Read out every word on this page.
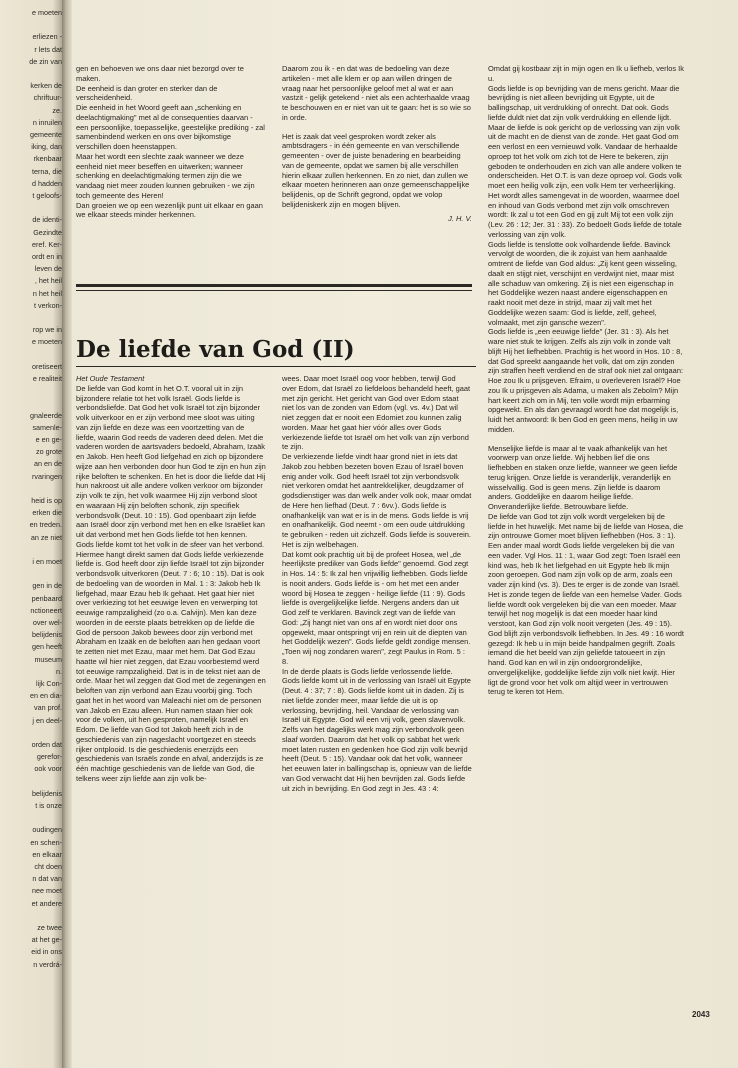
e moeten
erliezen -
r lets dat
de zin van
kerken de
chriftuur-
ze.
n inruilen
gemeente
iking, dan
rkenbaar
terna, die
d hadden
t geloofs-
de identi-
Gezindte
eref. Ker-
ordt en in
leven de
, het heil
n het heil
t verkon-
rop we in
e moeten
oretiseert
e realiteit
gnaleerde
samenle-
e en ge-
zo grote
an en de
rvaringen
heid is op
erken die
en treden.
an ze niet
i en moet
gen in de
penbaard
nctioneert
over wel-
belijdenis
gen heeft
museum
n.
lijk Con-
en en dia-
van prof.
j en deel-
orden dat
gerefor-
ook voor
belijdenis
t is onze
oudingen
en schen-
en elkaar
cht doen
n dat van
nee moet
et andere
ze twee
at het ge-
eid in ons
n verdrá-

gen en behoeven we ons daar niet bezorgd over te maken.

De eenheid is dan groter en sterker dan de verscheidenheid.

Die eenheid in het Woord geeft aan „schenking en deelachtigmaking" met al de consequenties daarvan - een persoonlijke, toepasselijke, geestelijke prediking - zal samenbindend werken en ons over bijkomstige verschillen doen heenstappen.

Maar het wordt een slechte zaak wanneer we deze eenheid niet meer beseffen en uitwerken; wanneer schenking en deelachtigmaking termen zijn die we vandaag niet meer zouden kunnen gebruiken - we zijn toch gemeente des Heren!

Dan groeien we op een wezenlijk punt uit elkaar en gaan we elkaar steeds minder herkennen.

Daarom zou ik - en dat was de bedoeling van deze artikelen - met alle klem er op aan willen dringen de vraag naar het persoonlijke geloof met al wat er aan vastzit - gelijk getekend - niet als een achterhaalde vraag te beschouwen en er niet van uit te gaan: het is so wie so in orde.

Het is zaak dat veel gesproken wordt zeker als ambtsdragers - in één gemeente en van verschillende gemeenten - over de juiste benadering en bearbeiding van de gemeente, opdat we samen bij alle verschillen hierin elkaar zullen herkennen. En zo niet, dan zullen we elkaar moeten herinneren aan onze gemeenschappelijke belijdenis, op de Schrift gegrond, opdat we volop belijdeniskerk zijn en mogen blijven.

J. H. V.

De liefde van God (II)

Het Oude Testament

De liefde van God komt in het O.T. vooral uit in zijn bijzondere relatie tot het volk Israël. Gods liefde is verbondsliefde. Dat God het volk Israël tot zijn bijzonder volk uitverkoor en er zijn verbond mee sloot was uiting van zijn liefde en deze was een voortzetting van de liefde, waarin God reeds de vaderen deed delen. Met die vaderen worden de aartsvaders bedoeld, Abraham, Izaäk en Jakob. Hen heeft God liefgehad en zich op bijzondere wijze aan hen verbonden door hun God te zijn en hun zijn rijke beloften te schenken. En het is door die liefde dat Hij hun nakroost uit alle andere volken verkoor om bijzonder zijn volk te zijn, het volk waarmee Hij zijn verbond sloot en waaraan Hij zijn beloften schonk, zijn specifiek verbondsvolk (Deut. 10 : 15). God openbaart zijn liefde aan Israël door zijn verbond met hen en elke Israëliet kan uit dat verbond met hen Gods liefde tot hen kennen. Gods liefde komt tot het volk in de sfeer van het verbond.

Hiermee hangt direkt samen dat Gods liefde verkiezende liefde is. God heeft door zijn liefde Israël tot zijn bijzonder verbondsvolk uitverkoren (Deut. 7 : 6; 10 : 15). Dat is ook de bedoeling van de woorden in Mal. 1 : 3: Jakob heb Ik liefgehad, maar Ezau heb Ik gehaat. Het gaat hier niet over verkiezing tot het eeuwige leven en verwerping tot eeuwige rampzaligheid (zo o.a. Calvijn). Men kan deze woorden in de eerste plaats betrekken op de liefde die God de persoon Jakob bewees door zijn verbond met Abraham en Izaäk en de beloften aan hen gedaan voort te zetten niet met Ezau, maar met hem. Dat God Ezau haatte wil hier niet zeggen, dat Ezau voorbestemd werd tot eeuwige rampzaligheid. Dat is in de tekst niet aan de orde. Maar het wil zeggen dat God met de zegeningen en beloften van zijn verbond aan Ezau voorbij ging. Toch gaat het in het woord van Maleachi niet om de personen van Jakob en Ezau alleen. Hun namen staan hier ook voor de volken, uit hen gesproten, namelijk Israël en Edom. De liefde van God tot Jakob heeft zich in de geschiedenis van zijn nageslacht voortgezet en steeds rijker ontplooid. Is die geschiedenis enerzijds een geschiedenis van Israëls zonde en afval, anderzijds is ze één machtige geschiedenis van de liefde van God, die telkens weer zijn liefde aan zijn volk be-

wees. Daar moet Israël oog voor hebben, terwijl God over Edom, dat Israël zo liefdeloos behandeld heeft, gaat met zijn gericht. Het gericht van God over Edom staat niet los van de zonden van Edom (vgl. vs. 4v.) Dat wil niet zeggen dat er nooit een Edomiet zou kunnen zalig worden. Maar het gaat hier vóór alles over Gods verkiezende liefde tot Israël om het volk van zijn verbond te zijn.

De verkiezende liefde vindt haar grond niet in iets dat Jakob zou hebben bezeten boven Ezau of Israël boven enig ander volk. God heeft Israël tot zijn verbondsvolk niet verkoren omdat het aantrekkelijker, deugdzamer of godsdienstiger was dan welk ander volk ook, maar omdat de Here hen liefhad (Deut. 7 : 6vv.). Gods liefde is onafhankelijk van wat er is in de mens. Gods liefde is vrij en onafhankelijk. God neemt - om een oude uitdrukking te gebruiken - reden uit zichzelf. Gods liefde is souverein. Het is zijn welbehagen.

Dat komt ook prachtig uit bij de profeet Hosea, wel „de heerlijkste prediker van Gods liefde" genoemd. God zegt in Hos. 14 : 5: Ik zal hen vrijwillig liefhebben. Gods liefde is nooit anders. Gods liefde is - om het met een ander woord bij Hosea te zeggen - heilige liefde (11 : 9). Gods liefde is overgelijkelijke liefde. Nergens anders dan uit God zelf te verklaren. Bavinck zegt van de liefde van God: „Zij hangt niet van ons af en wordt niet door ons opgewekt, maar ontspringt vrij en rein uit de diepten van het Goddelijk wezen". Gods liefde geldt zondige mensen. „Toen wij nog zondaren waren", zegt Paulus in Rom. 5 : 8.

In de derde plaats is Gods liefde verlossende liefde. Gods liefde komt uit in de verlossing van Israël uit Egypte (Deut. 4 : 37; 7 : 8). Gods liefde komt uit in daden. Zij is niet liefde zonder meer, maar liefde die uit is op verlossing, bevrijding, heil. Vandaar de verlossing van Israël uit Egypte. God wil een vrij volk, geen slavenvolk. Zelfs van het dagelijks werk mag zijn verbondvolk geen slaaf worden. Daarom dat het volk op sabbat het werk moet laten rusten en gedenken hoe God zijn volk bevrijd heeft (Deut. 5 : 15). Vandaar ook dat het volk, wanneer het eeuwen later in ballingschap is, opnieuw van de liefde van God verwacht dat Hij hen bevrijden zal. Gods liefde uit zich in bevrijding. En God zegt in Jes. 43 : 4:

Omdat gij kostbaar zijt in mijn ogen en Ik u liefheb, verlos Ik u.

Gods liefde is op bevrijding van de mens gericht. Maar die bevrijding is niet alleen bevrijding uit Egypte, uit de ballingschap, uit verdrukking of onrecht. Dat ook. Gods liefde duldt niet dat zijn volk verdrukking en ellende lijdt. Maar de liefde is ook gericht op de verlossing van zijn volk uit de macht en de dienst van de zonde. Het gaat God om een verlost en een vernieuwd volk. Vandaar de herhaalde oproep tot het volk om zich tot de Here te bekeren, zijn geboden te onderhouden en zich van alle andere volken te onderscheiden. Het O.T. is van deze oproep vol. Gods volk moet een heilig volk zijn, een volk Hem ter verheerlijking. Het wordt alles samengevat in de woorden, waarmee doel en inhoud van Gods verbond met zijn volk omschreven wordt: Ik zal u tot een God en gij zult Mij tot een volk zijn (Lev. 26 : 12; Jer. 31 : 33). Zo bedoelt Gods liefde de totale verlossing van zijn volk.

Gods liefde is tenslotte ook volhardende liefde. Bavinck vervolgt de woorden, die ik zojuist van hem aanhaalde omtrent de liefde van God aldus: „Zij kent geen wisseling, daalt en stijgt niet, verschijnt en verdwijnt niet, maar mist alle schaduw van omkering. Zij is niet een eigenschap in het Goddelijke wezen naast andere eigenschappen en raakt nooit met deze in strijd, maar zij valt met het Goddelijke wezen saam: God is liefde, zelf, geheel, volmaakt, met zijn gansche wezen".

Gods liefde is „een eeuwige liefde" (Jer. 31 : 3). Als het ware niet stuk te krijgen. Zelfs als zijn volk in zonde valt blijft Hij het liefhebben. Prachtig is het woord in Hos. 10 : 8, dat God spreekt aangaande het volk, dat om zijn zonden zijn straffen heeft verdiend en de straf ook niet zal ontgaan: Hoe zou Ik u prijsgeven. Efraim, u overleveren Israël? Hoe zou Ik u prijsgeven als Adama, u maken als Zeboïm? Mijn hart keert zich om in Mij, ten volle wordt mijn erbarming opgewekt. En als dan gevraagd wordt hoe dat mogelijk is, luidt het antwoord: Ik ben God en geen mens, heilig in uw midden.

Menselijke liefde is maar al te vaak afhankelijk van het voorwerp van onze liefde. Wij hebben lief die ons liefhebben en staken onze liefde, wanneer we geen liefde terug krijgen. Onze liefde is veranderlijk, veranderlijk en wisselvallig. God is geen mens. Zijn liefde is daarom anders. Goddelijke en daarom heilige liefde. Onveranderlijke liefde. Betrouwbare liefde.

De liefde van God tot zijn volk wordt vergeleken bij de liefde in het huwelijk. Met name bij de liefde van Hosea, die zijn ontrouwe Gomer moet blijven liefhebben (Hos. 3 : 1). Een ander maal wordt Gods liefde vergeleken bij die van een vader. Vgl Hos. 11 : 1, waar God zegt: Toen Israël een kind was, heb Ik het liefgehad en uit Egypte heb Ik mijn zoon geroepen. God nam zijn volk op de arm, zoals een vader zijn kind (vs. 3). Des te erger is de zonde van Israël. Het is zonde tegen de liefde van een hemelse Vader. Gods liefde wordt ook vergeleken bij die van een moeder. Maar terwijl het nog mogelijk is dat een moeder haar kind verstoot, kan God zijn volk nooit vergeten (Jes. 49 : 15). God blijft zijn verbondsvolk liefhebben. In Jes. 49 : 16 wordt gezegd: Ik heb u in mijn beide handpalmen gegrift. Zoals iemand die het beeld van zijn geliefde tatoueert in zijn hand. God kan en wil in zijn ondoorgrondelijke, onvergelijkelijke, goddelijke liefde zijn volk niet kwijt. Hier ligt de grond voor het volk om altijd weer in vertrouwen terug te keren tot Hem.

2043
